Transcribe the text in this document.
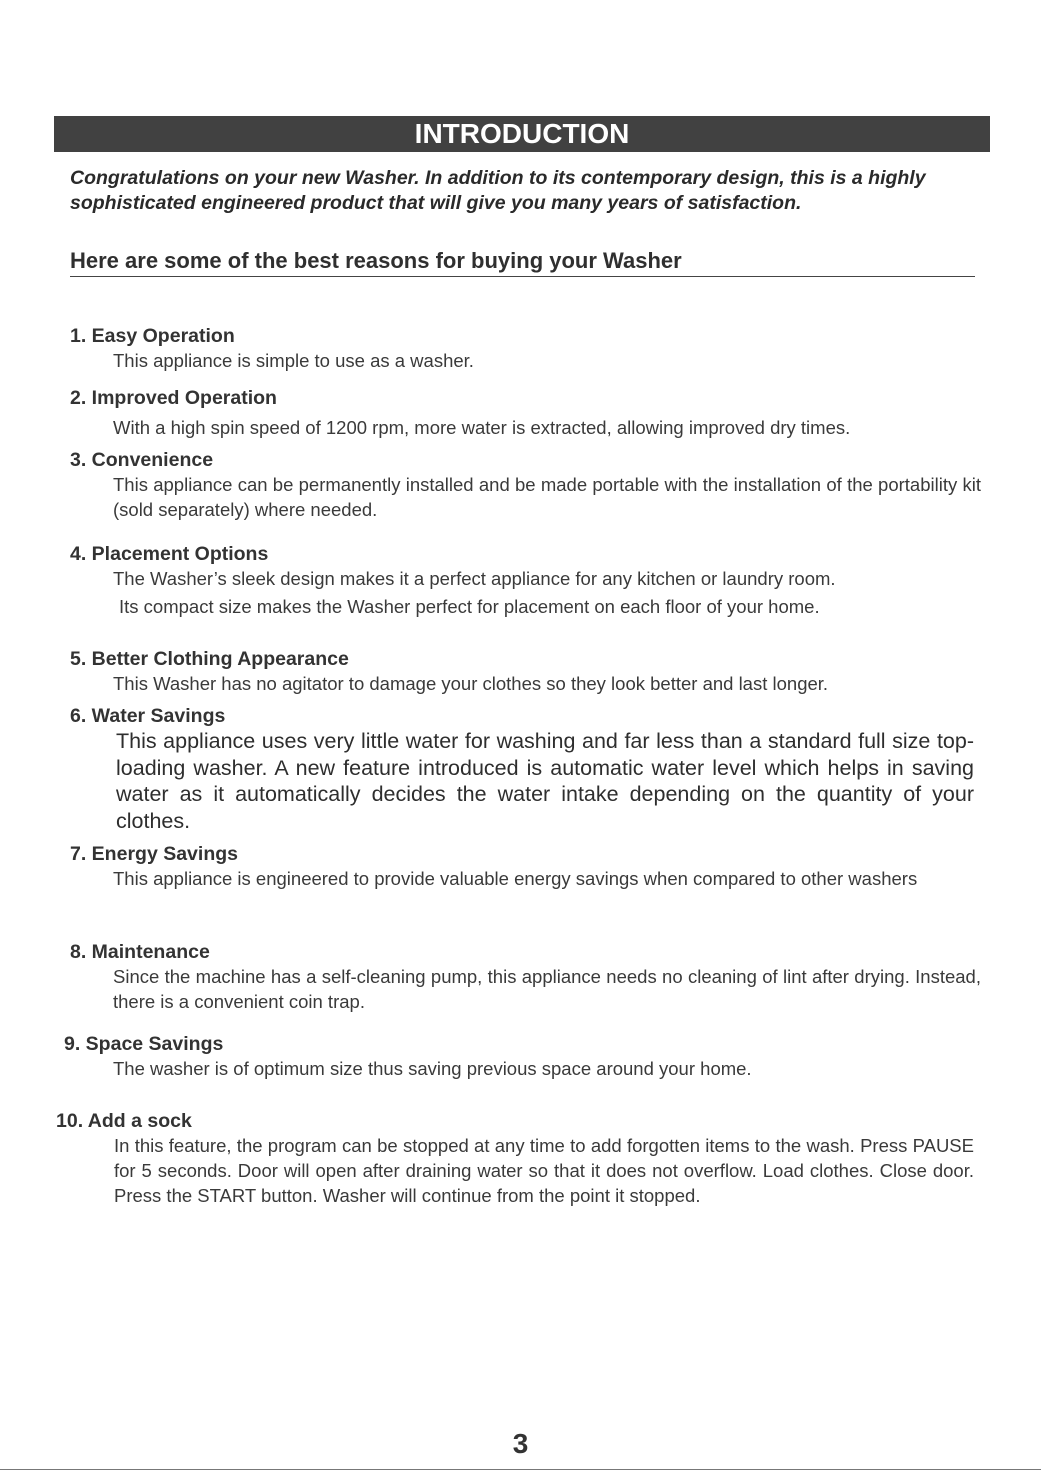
INTRODUCTION
Congratulations on your new Washer. In addition to its contemporary design, this is a highly sophisticated engineered product that will give you many years of satisfaction.
Here are some of the best reasons for buying your Washer
1. Easy Operation

This appliance is simple to use as a washer.

2. Improved Operation

With a high spin speed of 1200 rpm, more water is extracted, allowing improved dry times.

3. Convenience

This appliance can be permanently installed and be made portable with the installation of the portability kit (sold separately) where needed.

4. Placement Options

The Washer’s sleek design makes it a perfect appliance for any kitchen or laundry room.

Its compact size makes the Washer perfect for placement on each floor of your home.

5. Better Clothing Appearance

This Washer has no agitator to damage your clothes so they look better and last longer.

6. Water Savings

This appliance uses very little water for washing and far less than a standard full size top-loading washer. A new feature introduced is automatic water level which helps in saving water as it automatically decides the water intake depending on the quantity of your clothes.

7. Energy Savings

This appliance is engineered to provide valuable energy savings when compared to other washers

8. Maintenance

Since the machine has a self-cleaning pump, this appliance needs no cleaning of lint after drying. Instead, there is a convenient coin trap.

9. Space Savings

The washer is of optimum size thus saving previous space around your home.

10. Add a sock

In this feature, the program can be stopped at any time to add forgotten items to the wash. Press PAUSE for 5 seconds. Door will open after draining water so that it does not overflow. Load clothes. Close door. Press the START button. Washer will continue from the point it stopped.

3
